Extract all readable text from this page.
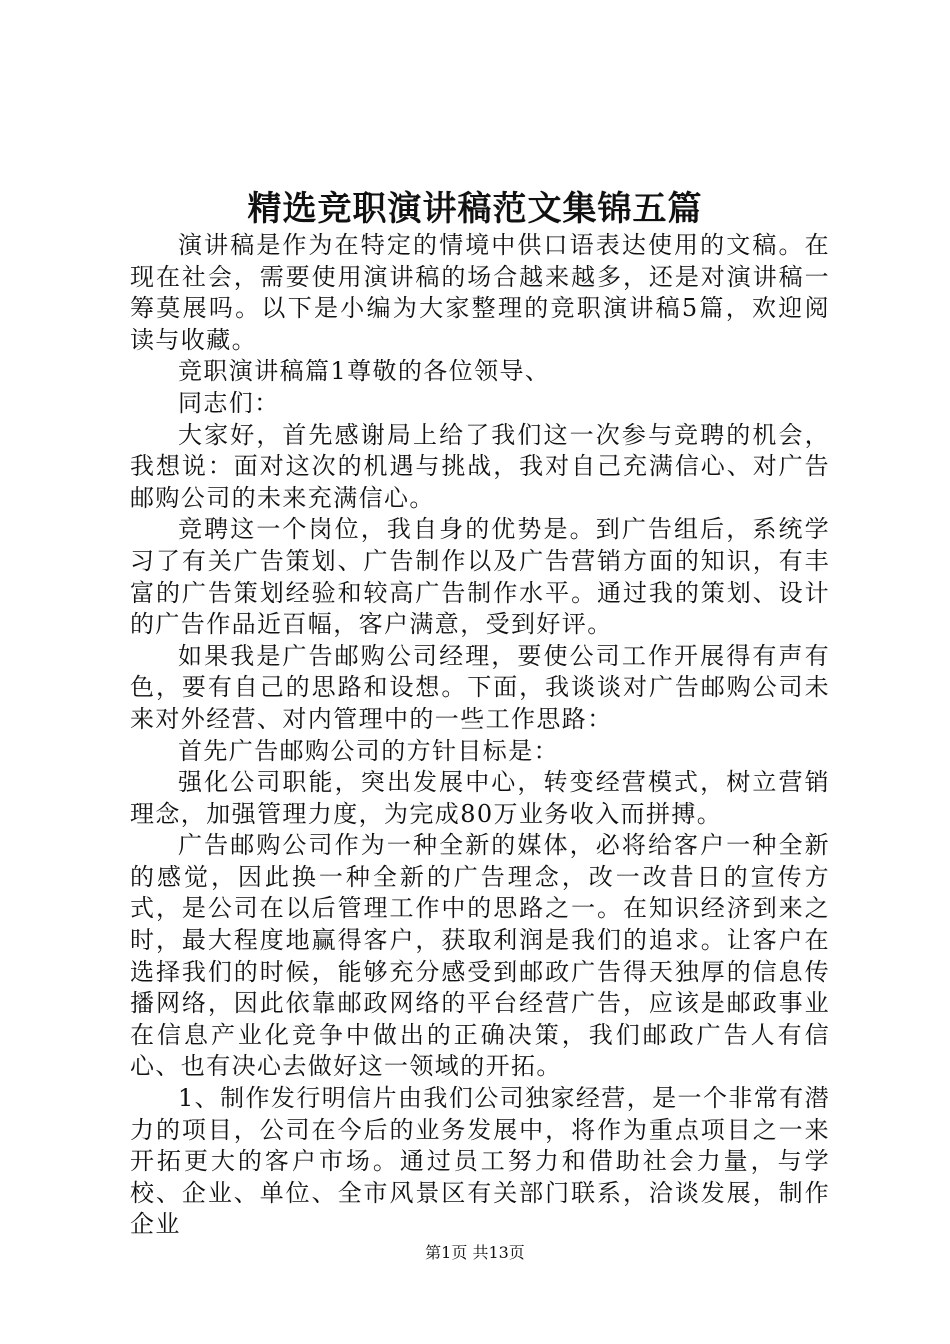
精选竞职演讲稿范文集锦五篇

演讲稿是作为在特定的情境中供口语表达使用的文稿。在现在社会，需要使用演讲稿的场合越来越多，还是对演讲稿一筹莫展吗。以下是小编为大家整理的竞职演讲稿5篇，欢迎阅读与收藏。

竞职演讲稿篇1尊敬的各位领导、

同志们：

大家好，首先感谢局上给了我们这一次参与竞聘的机会，我想说：面对这次的机遇与挑战，我对自己充满信心、对广告邮购公司的未来充满信心。

竞聘这一个岗位，我自身的优势是。到广告组后，系统学习了有关广告策划、广告制作以及广告营销方面的知识，有丰富的广告策划经验和较高广告制作水平。通过我的策划、设计的广告作品近百幅，客户满意，受到好评。

如果我是广告邮购公司经理，要使公司工作开展得有声有色，要有自己的思路和设想。下面，我谈谈对广告邮购公司未来对外经营、对内管理中的一些工作思路：

首先广告邮购公司的方针目标是：

强化公司职能，突出发展中心，转变经营模式，树立营销理念，加强管理力度，为完成80万业务收入而拼搏。

广告邮购公司作为一种全新的媒体，必将给客户一种全新的感觉，因此换一种全新的广告理念，改一改昔日的宣传方式，是公司在以后管理工作中的思路之一。在知识经济到来之时，最大程度地赢得客户，获取利润是我们的追求。让客户在选择我们的时候，能够充分感受到邮政广告得天独厚的信息传播网络，因此依靠邮政网络的平台经营广告，应该是邮政事业在信息产业化竞争中做出的正确决策，我们邮政广告人有信心、也有决心去做好这一领域的开拓。

1、制作发行明信片由我们公司独家经营，是一个非常有潜力的项目，公司在今后的业务发展中，将作为重点项目之一来开拓更大的客户市场。通过员工努力和借助社会力量，与学校、企业、单位、全市风景区有关部门联系，洽谈发展，制作企业

第1页 共13页
